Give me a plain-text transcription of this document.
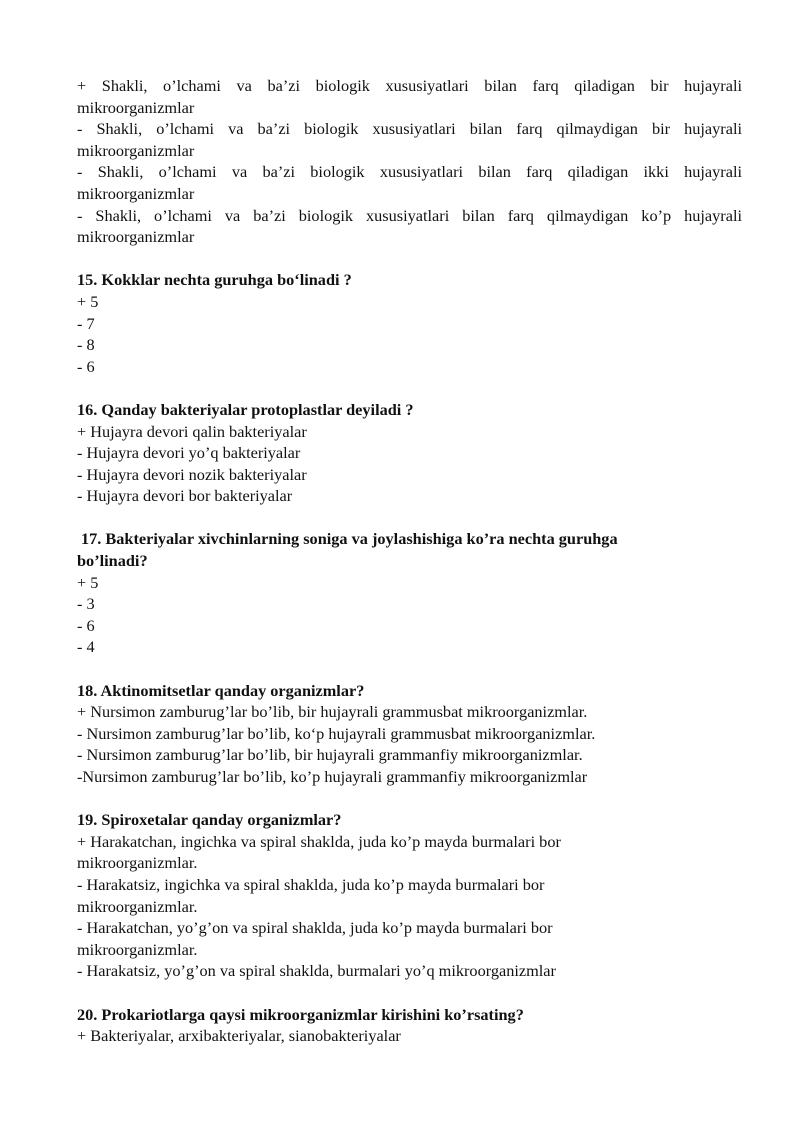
+ Shakli, o’lchami va ba’zi biologik xususiyatlari bilan farq qiladigan bir hujayrali

mikroorganizmlar

- Shakli, o’lchami va ba’zi biologik xususiyatlari bilan farq qilmaydigan bir hujayrali

mikroorganizmlar

- Shakli, o’lchami va ba’zi biologik xususiyatlari bilan farq qiladigan ikki hujayrali

mikroorganizmlar

- Shakli, o’lchami va ba’zi biologik xususiyatlari bilan farq qilmaydigan ko’p hujayrali

mikroorganizmlar

15. Kokklar nechta guruhga bo‘linadi ?

+ 5

- 7

- 8

- 6

16. Qanday bakteriyalar protoplastlar deyiladi ?

+ Hujayra devori qalin bakteriyalar

- Hujayra devori yo’q bakteriyalar

- Hujayra devori nozik bakteriyalar

- Hujayra devori bor bakteriyalar

17. Bakteriyalar xivchinlarning soniga va joylashishiga ko’ra nechta guruhga

bo’linadi?

+ 5

- 3

- 6

- 4

18. Aktinomitsetlar qanday organizmlar?

+ Nursimon zamburug’lar bo’lib, bir hujayrali grammusbat mikroorganizmlar.

- Nursimon zamburug’lar bo’lib, ko‘p hujayrali grammusbat mikroorganizmlar.

- Nursimon zamburug’lar bo’lib, bir hujayrali grammanfiy mikroorganizmlar.

-Nursimon zamburug’lar bo’lib, ko’p hujayrali grammanfiy mikroorganizmlar

19. Spiroxetalar qanday organizmlar?

+ Harakatchan, ingichka va spiral shaklda, juda ko’p mayda burmalari bor

mikroorganizmlar.

- Harakatsiz, ingichka va spiral shaklda, juda ko’p mayda burmalari bor

mikroorganizmlar.

- Harakatchan, yo’g’on va spiral shaklda, juda ko’p mayda burmalari bor

mikroorganizmlar.

- Harakatsiz, yo’g’on va spiral shaklda, burmalari yo’q mikroorganizmlar

20. Prokariotlarga qaysi mikroorganizmlar kirishini ko’rsating?

+ Bakteriyalar, arxibakteriyalar, sianobakteriyalar
